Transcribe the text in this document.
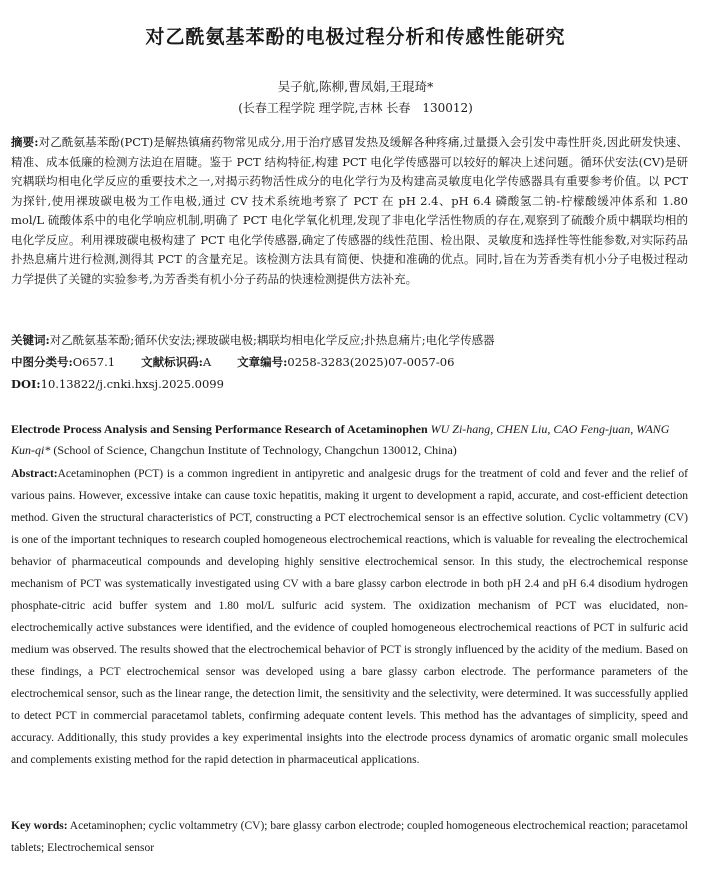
对乙酰氨基苯酚的电极过程分析和传感性能研究
吴子航,陈柳,曹凤娟,王琨琦*
(长春工程学院 理学院,吉林 长春　130012)

摘要:对乙酰氨基苯酚(PCT)是解热镇痛药物常见成分,用于治疗感冒发热及缓解各种疼痛,过量摄入会引发中毒性肝炎,因此研发快速、精准、成本低廉的检测方法迫在眉睫。鉴于 PCT 结构特征,构建 PCT 电化学传感器可以较好的解决上述问题。循环伏安法(CV)是研究耦联均相电化学反应的重要技术之一,对揭示药物活性成分的电化学行为及构建高灵敏度电化学传感器具有重要参考价值。以 PCT 为探针,使用裸玻碳电极为工作电极,通过 CV 技术系统地考察了 PCT 在 pH 2.4、pH 6.4 磷酸氢二钠-柠檬酸缓冲体系和 1.80 mol/L 硫酸体系中的电化学响应机制,明确了 PCT 电化学氧化机理,发现了非电化学活性物质的存在,观察到了硫酸介质中耦联均相的电化学反应。利用裸玻碳电极构建了 PCT 电化学传感器,确定了传感器的线性范围、检出限、灵敏度和选择性等性能参数,对实际药品扑热息痛片进行检测,测得其 PCT 的含量充足。该检测方法具有简便、快捷和准确的优点。同时,旨在为芳香类有机小分子电极过程动力学提供了关键的实验参考,为芳香类有机小分子药品的快速检测提供方法补充。

关键词:对乙酰氨基苯酚;循环伏安法;裸玻碳电极;耦联均相电化学反应;扑热息痛片;电化学传感器

中图分类号:O657.1 文献标识码:A 文章编号:0258-3283(2025)07-0057-06

DOI:10.13822/j.cnki.hxsj.2025.0099

Electrode Process Analysis and Sensing Performance Research of Acetaminophen WU Zi-hang, CHEN Liu, CAO Feng-juan, WANG Kun-qi* (School of Science, Changchun Institute of Technology, Changchun 130012, China)

Abstract:Acetaminophen (PCT) is a common ingredient in antipyretic and analgesic drugs for the treatment of cold and fever and the relief of various pains. However, excessive intake can cause toxic hepatitis, making it urgent to development a rapid, accurate, and cost-efficient detection method. Given the structural characteristics of PCT, constructing a PCT electrochemical sensor is an effective solution. Cyclic voltammetry (CV) is one of the important techniques to research coupled homogeneous electrochemical reactions, which is valuable for revealing the electrochemical behavior of pharmaceutical compounds and developing highly sensitive electrochemical sensor. In this study, the electrochemical response mechanism of PCT was systematically investigated using CV with a bare glassy carbon electrode in both pH 2.4 and pH 6.4 disodium hydrogen phosphate-citric acid buffer system and 1.80 mol/L sulfuric acid system. The oxidization mechanism of PCT was elucidated, non-electrochemically active substances were identified, and the evidence of coupled homogeneous electrochemical reactions of PCT in sulfuric acid medium was observed. The results showed that the electrochemical behavior of PCT is strongly influenced by the acidity of the medium. Based on these findings, a PCT electrochemical sensor was developed using a bare glassy carbon electrode. The performance parameters of the electrochemical sensor, such as the linear range, the detection limit, the sensitivity and the selectivity, were determined. It was successfully applied to detect PCT in commercial paracetamol tablets, confirming adequate content levels. This method has the advantages of simplicity, speed and accuracy. Additionally, this study provides a key experimental insights into the electrode process dynamics of aromatic organic small molecules and complements existing method for the rapid detection in pharmaceutical applications.

Key words: Acetaminophen; cyclic voltammetry (CV); bare glassy carbon electrode; coupled homogeneous electrochemical reaction; paracetamol tablets; Electrochemical sensor
